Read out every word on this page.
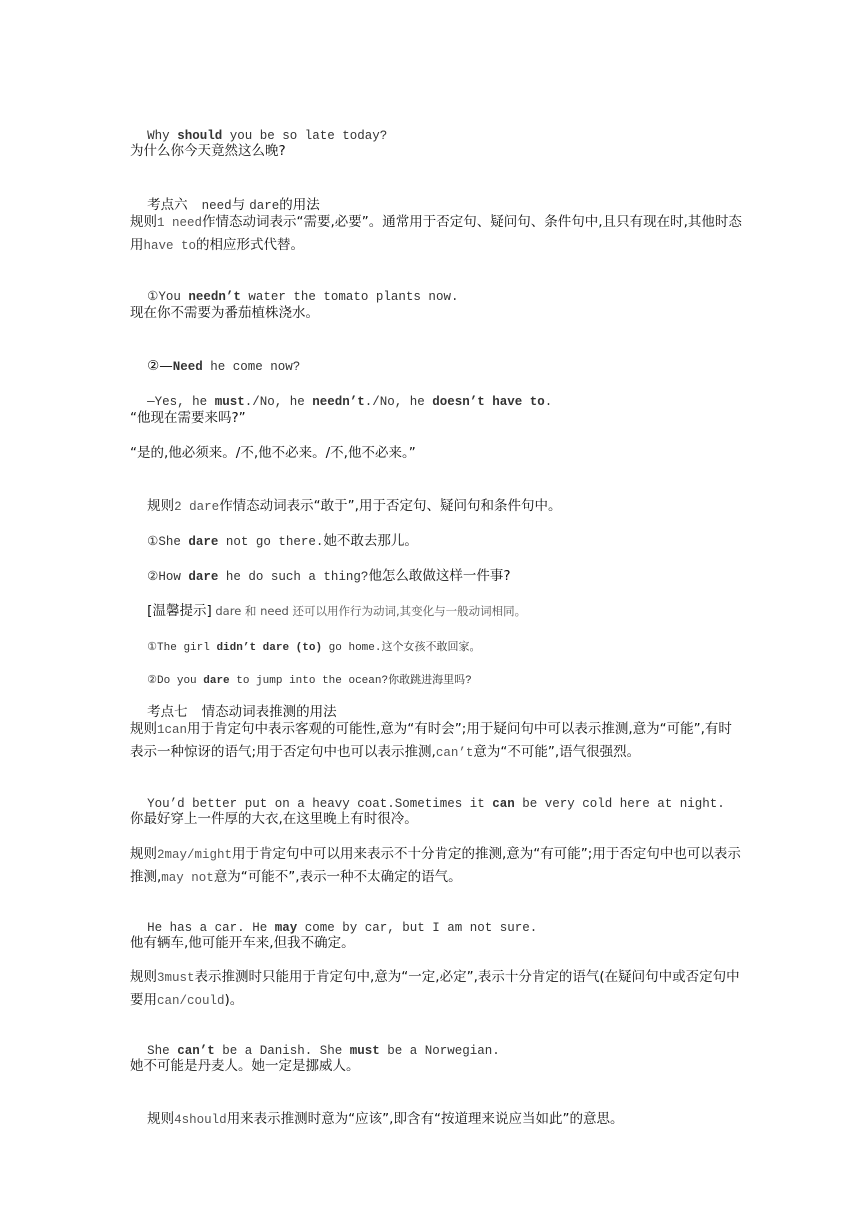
Why should you be so late today?

为什么你今天竟然这么晚?

考点六 need与 dare的用法

规则1 need作情态动词表示“需要,必要”。通常用于否定句、疑问句、条件句中,且只有现在时,其他时态用have to的相应形式代替。

①You needn’t water the tomato plants now.

现在你不需要为番茄植株浇水。

②—Need he come now?

—Yes, he must./No, he needn’t./No, he doesn’t have to.

“他现在需要来吗?”
“是的,他必须来。/不,他不必来。/不,他不必来。”

规则2 dare作情态动词表示“敢于”,用于否定句、疑问句和条件句中。

①She dare not go there.她不敢去那儿。

②How dare he do such a thing?他怎么敢做这样一件事?

[温馨提示] dare 和 need 还可以用作行为动词,其变化与一般动词相同。

①The girl didn’t dare (to) go home.这个女孩不敢回家。

②Do you dare to jump into the ocean?你敢跳进海里吗?

考点七 情态动词表推测的用法

规则1can用于肯定句中表示客观的可能性,意为“有时会”;用于疑问句中可以表示推测,意为“可能”,有时表示一种惊讶的语气;用于否定句中也可以表示推测,can’t意为“不可能”,语气很强烈。

You’d better put on a heavy coat.Sometimes it can be very cold here at night.

你最好穿上一件厚的大衣,在这里晚上有时很冷。
规则2may/might用于肯定句中可以用来表示不十分肯定的推测,意为“有可能”;用于否定句中也可以表示推测,may not意为“可能不”,表示一种不太确定的语气。

He has a car. He may come by car, but I am not sure.

他有辆车,他可能开车来,但我不确定。
规则3must表示推测时只能用于肯定句中,意为“一定,必定”,表示十分肯定的语气(在疑问句中或否定句中要用can/could)。

She can’t be a Danish. She must be a Norwegian.

她不可能是丹麦人。她一定是挪威人。

规则4should用来表示推测时意为“应该”,即含有“按道理来说应当如此”的意思。
